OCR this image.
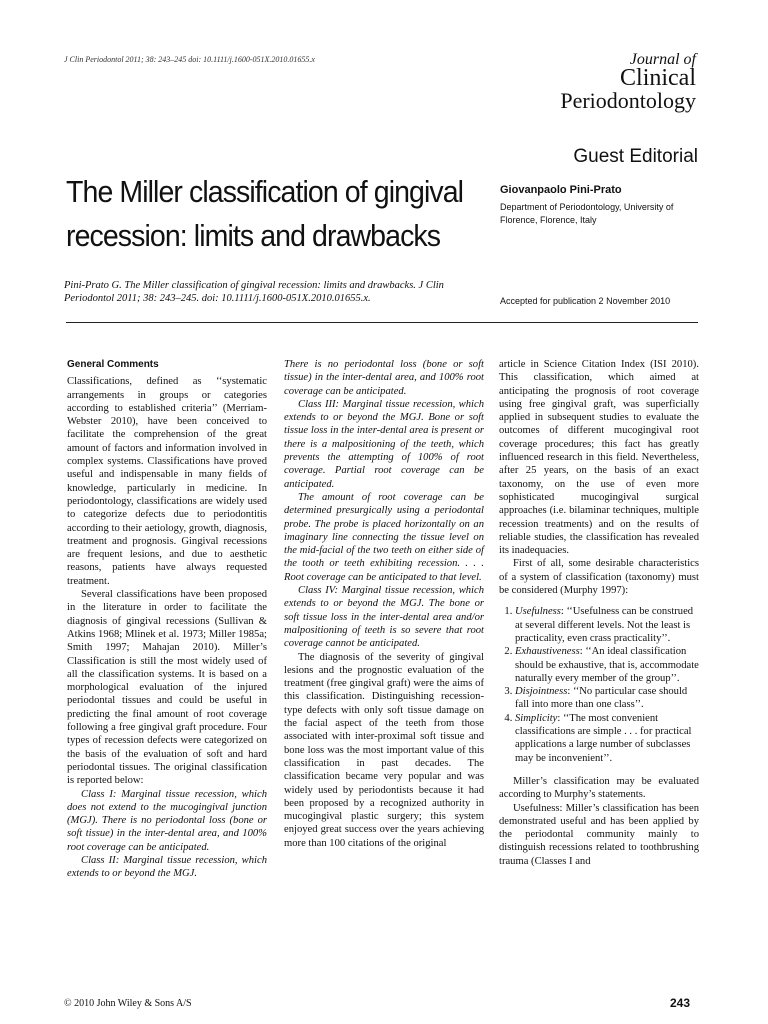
J Clin Periodontol 2011; 38: 243–245 doi: 10.1111/j.1600-051X.2010.01655.x	Journal of
Clinical
Periodontology
Guest Editorial
The Miller classification of gingival recession: limits and drawbacks
Giovanpaolo Pini-Prato
Department of Periodontology, University of Florence, Florence, Italy
Pini-Prato G. The Miller classification of gingival recession: limits and drawbacks. J Clin Periodontol 2011; 38: 243–245. doi: 10.1111/j.1600-051X.2010.01655.x.	Accepted for publication 2 November 2010

General Comments

Classifications, defined as ‘‘systematic arrangements in groups or categories according to established criteria’’ (Merriam-Webster 2010), have been conceived to facilitate the comprehension of the great amount of factors and information involved in complex systems. Classifications have proved useful and indispensable in many fields of knowledge, particularly in medicine. In periodontology, classifications are widely used to categorize defects due to periodontitis according to their aetiology, growth, diagnosis, treatment and prognosis. Gingival recessions are frequent lesions, and due to aesthetic reasons, patients have always requested treatment.

Several classifications have been proposed in the literature in order to facilitate the diagnosis of gingival recessions (Sullivan & Atkins 1968; Mlinek et al. 1973; Miller 1985a; Smith 1997; Mahajan 2010). Miller’s Classification is still the most widely used of all the classification systems. It is based on a morphological evaluation of the injured periodontal tissues and could be useful in predicting the final amount of root coverage following a free gingival graft procedure. Four types of recession defects were categorized on the basis of the evaluation of soft and hard periodontal tissues. The original classification is reported below:

Class I: Marginal tissue recession, which does not extend to the mucogingival junction (MGJ). There is no periodontal loss (bone or soft tissue) in the inter-dental area, and 100% root coverage can be anticipated.

Class II: Marginal tissue recession, which extends to or beyond the MGJ.

There is no periodontal loss (bone or soft tissue) in the inter-dental area, and 100% root coverage can be anticipated.

Class III: Marginal tissue recession, which extends to or beyond the MGJ. Bone or soft tissue loss in the inter-dental area is present or there is a malpositioning of the teeth, which prevents the attempting of 100% of root coverage. Partial root coverage can be anticipated.

The amount of root coverage can be determined presurgically using a periodontal probe. The probe is placed horizontally on an imaginary line connecting the tissue level on the mid-facial of the two teeth on either side of the tooth or teeth exhibiting recession. . . . Root coverage can be anticipated to that level.

Class IV: Marginal tissue recession, which extends to or beyond the MGJ. The bone or soft tissue loss in the inter-dental area and/or malpositioning of teeth is so severe that root coverage cannot be anticipated.

The diagnosis of the severity of gingival lesions and the prognostic evaluation of the treatment (free gingival graft) were the aims of this classification. Distinguishing recession-type defects with only soft tissue damage on the facial aspect of the teeth from those associated with inter-proximal soft tissue and bone loss was the most important value of this classification in past decades. The classification became very popular and was widely used by periodontists because it had been proposed by a recognized authority in mucogingival plastic surgery; this system enjoyed great success over the years achieving more than 100 citations of the original

article in Science Citation Index (ISI 2010). This classification, which aimed at anticipating the prognosis of root coverage using free gingival graft, was superficially applied in subsequent studies to evaluate the outcomes of different mucogingival root coverage procedures; this fact has greatly influenced research in this field. Nevertheless, after 25 years, on the basis of an exact taxonomy, on the use of even more sophisticated mucogingival surgical approaches (i.e. bilaminar techniques, multiple recession treatments) and on the results of reliable studies, the classification has revealed its inadequacies.

First of all, some desirable characteristics of a system of classification (taxonomy) must be considered (Murphy 1997):

1. Usefulness: ‘‘Usefulness can be construed at several different levels. Not the least is practicality, even crass practicality’’.
2. Exhaustiveness: ‘‘An ideal classification should be exhaustive, that is, accommodate naturally every member of the group’’.
3. Disjointness: ‘‘No particular case should fall into more than one class’’.
4. Simplicity: ‘‘The most convenient classifications are simple . . . for practical applications a large number of subclasses may be inconvenient’’.

Miller’s classification may be evaluated according to Murphy’s statements.

Usefulness: Miller’s classification has been demonstrated useful and has been applied by the periodontal community mainly to distinguish recessions related to toothbrushing trauma (Classes I and

© 2010 John Wiley & Sons A/S	243
